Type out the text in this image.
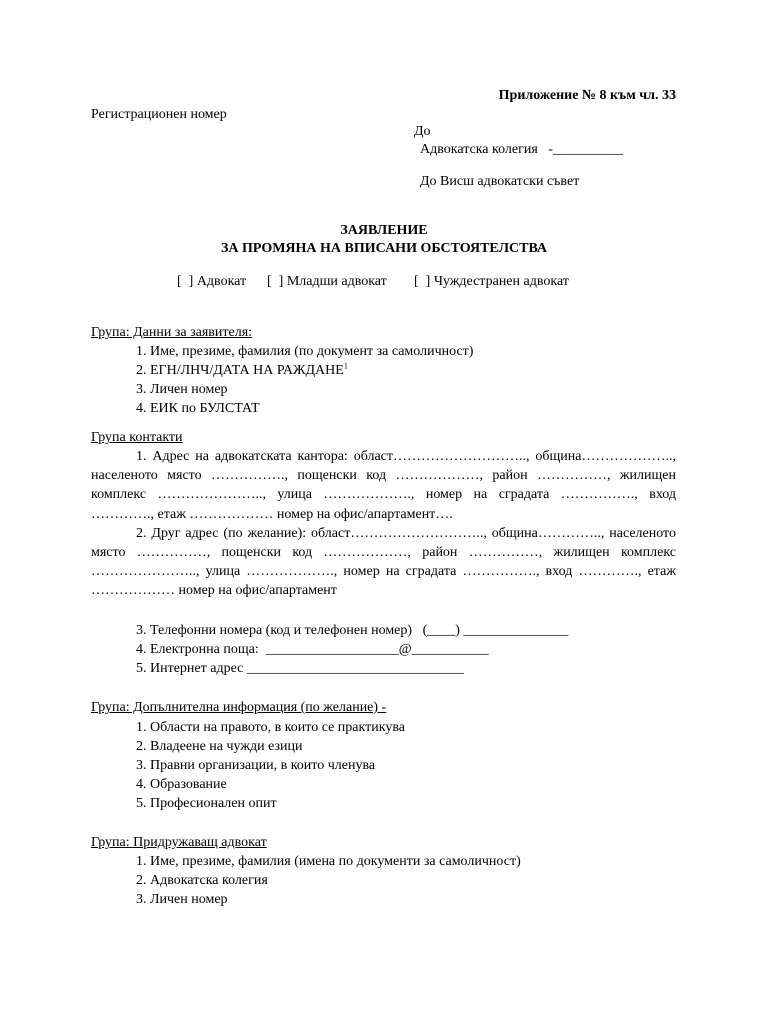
Приложение № 8 към чл. 33
Регистрационен номер
До
Адвокатска колегия   -__________
До Висш адвокатски съвет
ЗАЯВЛЕНИЕ
ЗА ПРОМЯНА НА ВПИСАНИ ОБСТОЯТЕЛСТВА
[  ] Адвокат [  ] Младши адвокат [  ] Чуждестранен адвокат
Група: Данни за заявителя:
1. Име, презиме, фамилия (по документ за самоличност)
2. ЕГН/ЛНЧ/ДАТА НА РАЖДАНЕ$^1$
3. Личен номер
4. ЕИК по БУЛСТАТ
Група контакти

1. Адрес на адвокатската кантора: област……………………….., община……………….., населеното място ……………., пощенски код ………………, район ……………, жилищен комплекс ………………….., улица ………………., номер на сградата ……………., вход …………., етаж ……………… номер на офис/апартамент….

2. Друг адрес (по желание): област……………………….., община………….., населеното място ……………, пощенски код ………………, район ……………, жилищен комплекс ………………….., улица ………………., номер на сградата ……………., вход …………., етаж ……………… номер на офис/апартамент

3. Телефонни номера (код и телефонен номер)   (____) _______________
4. Електронна поща:  ___________________@___________
5. Интернет адрес _______________________________
Група: Допълнителна информация (по желание) -
1. Области на правото, в които се практикува
2. Владеене на чужди езици
3. Правни организации, в които членува
4. Образование
5. Професионален опит
Група: Придружаващ адвокат
1. Име, презиме, фамилия (имена по документи за самоличност)
2. Адвокатска колегия
3. Личен номер
